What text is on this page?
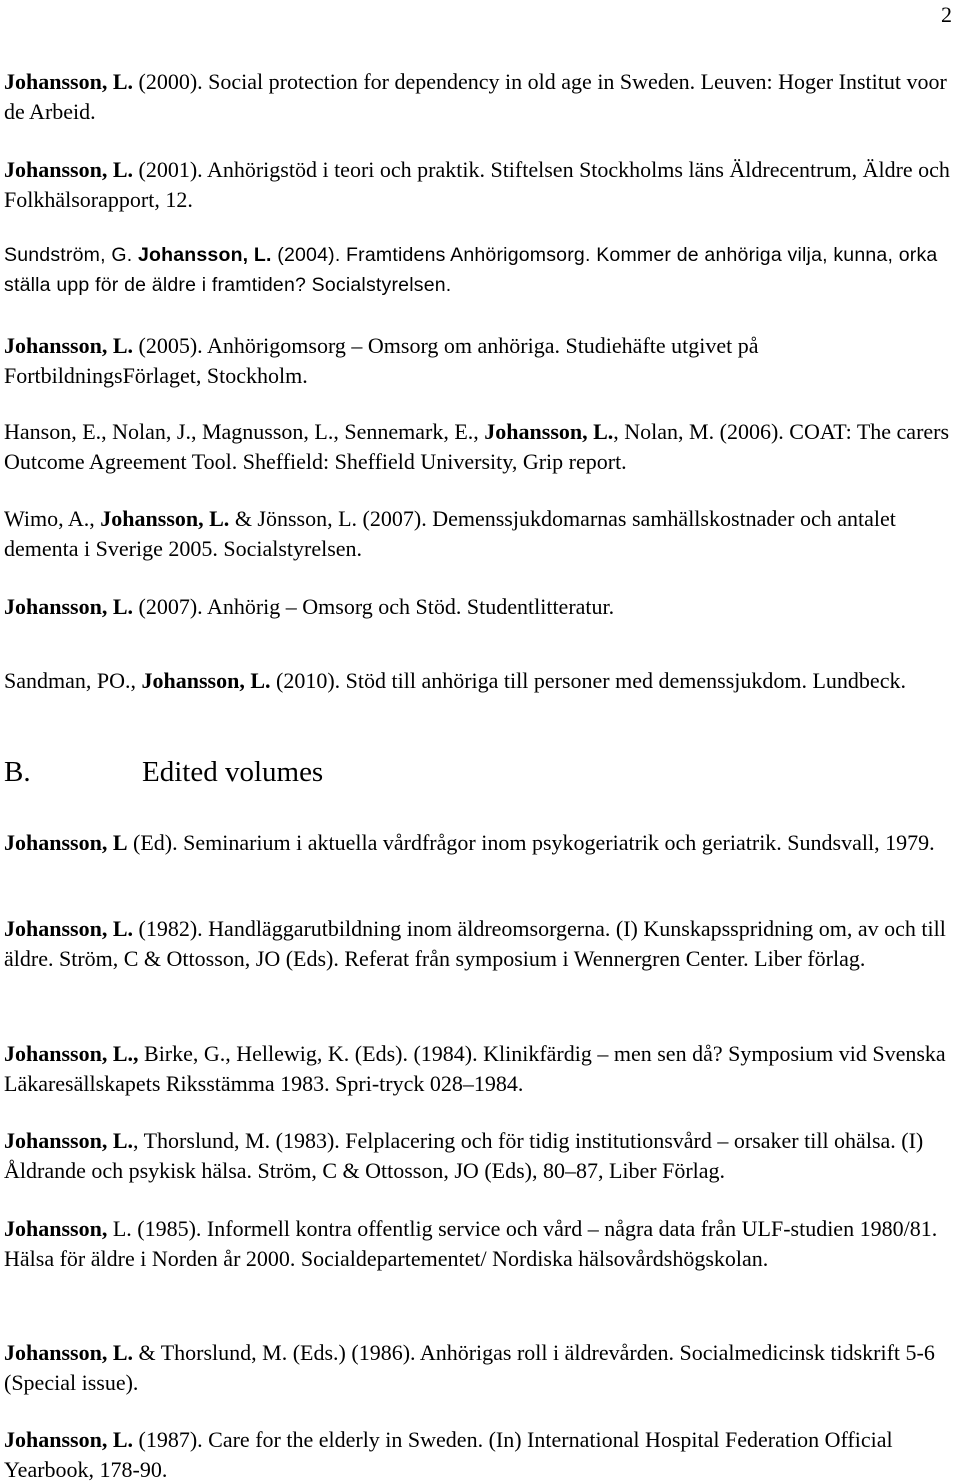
2
Johansson, L. (2000). Social protection for dependency in old age in Sweden. Leuven: Hoger Institut voor de Arbeid.
Johansson, L. (2001). Anhörigstöd i teori och praktik. Stiftelsen Stockholms läns Äldrecentrum, Äldre och Folkhälsorapport, 12.
Sundström, G. Johansson, L. (2004). Framtidens Anhörigomsorg. Kommer de anhöriga vilja, kunna, orka ställa upp för de äldre i framtiden? Socialstyrelsen.
Johansson, L. (2005). Anhörigomsorg – Omsorg om anhöriga. Studiehäfte utgivet på FortbildningsFörlaget, Stockholm.
Hanson, E., Nolan, J., Magnusson, L., Sennemark, E., Johansson, L., Nolan, M. (2006). COAT: The carers Outcome Agreement Tool. Sheffield: Sheffield University, Grip report.
Wimo, A., Johansson, L. & Jönsson, L. (2007). Demenssjukdomarnas samhällskostnader och antalet dementa i Sverige 2005. Socialstyrelsen.
Johansson, L. (2007). Anhörig – Omsorg och Stöd. Studentlitteratur.
Sandman, PO., Johansson, L. (2010). Stöd till anhöriga till personer med demenssjukdom. Lundbeck.
B.	Edited volumes
Johansson, L (Ed). Seminarium i aktuella vårdfrågor inom psykogeriatrik och geriatrik. Sundsvall, 1979.
Johansson, L. (1982). Handläggarutbildning inom äldreomsorgerna. (I) Kunskapsspridning om, av och till äldre. Ström, C & Ottosson, JO (Eds). Referat från symposium i Wennergren Center. Liber förlag.
Johansson, L., Birke, G., Hellewig, K. (Eds). (1984). Klinikfärdig – men sen då? Symposium vid Svenska Läkaresällskapets Riksstämma 1983. Spri-tryck 028–1984.
Johansson, L., Thorslund, M. (1983). Felplacering och för tidig institutionsvård – orsaker till ohälsa. (I) Åldrande och psykisk hälsa. Ström, C & Ottosson, JO (Eds), 80–87, Liber Förlag.
Johansson, L. (1985). Informell kontra offentlig service och vård – några data från ULF-studien 1980/81. Hälsa för äldre i Norden år 2000. Socialdepartementet/ Nordiska hälsovårdshögskolan.
Johansson, L. & Thorslund, M. (Eds.) (1986). Anhörigas roll i äldrevården. Socialmedicinsk tidskrift 5-6 (Special issue).
Johansson, L. (1987). Care for the elderly in Sweden. (In) International Hospital Federation Official Yearbook, 178-90.
